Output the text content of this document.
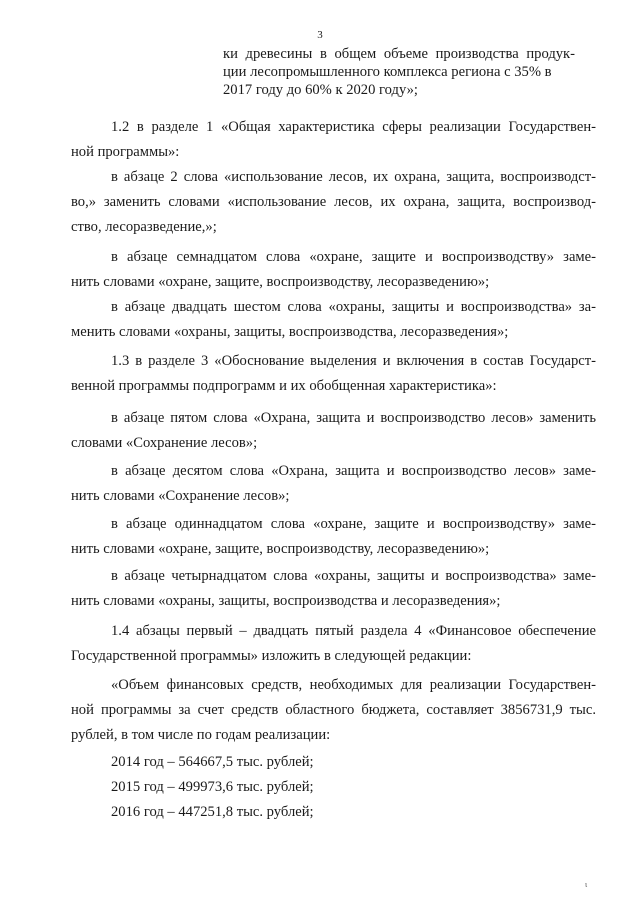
3
ки древесины в общем объеме производства продук-
ции лесопромышленного комплекса региона с 35% в
2017 году до 60% к 2020 году»;
1.2 в разделе 1 «Общая характеристика сферы реализации Государствен-
ной программы»:
в абзаце 2 слова «использование лесов, их охрана, защита, воспроизводст-
во,» заменить словами «использование лесов, их охрана, защита, воспроизвод-
ство, лесоразведение,»;
в абзаце семнадцатом слова «охране, защите и воспроизводству» заме-
нить словами «охране, защите, воспроизводству, лесоразведению»;
в абзаце двадцать шестом слова «охраны, защиты и воспроизводства» за-
менить словами «охраны, защиты, воспроизводства, лесоразведения»;
1.3 в разделе 3 «Обоснование выделения и включения в состав Государст-
венной программы подпрограмм и их обобщенная характеристика»:
в абзаце пятом слова «Охрана, защита и воспроизводство лесов» заменить
словами «Сохранение лесов»;
в абзаце десятом слова «Охрана, защита и воспроизводство лесов» заме-
нить словами «Сохранение лесов»;
в абзаце одиннадцатом слова «охране, защите и воспроизводству» заме-
нить словами «охране, защите, воспроизводству, лесоразведению»;
в абзаце четырнадцатом слова «охраны, защиты и воспроизводства» заме-
нить словами «охраны, защиты, воспроизводства и лесоразведения»;
1.4 абзацы первый – двадцать пятый раздела 4 «Финансовое обеспечение
Государственной программы» изложить в следующей редакции:
«Объем финансовых средств, необходимых для реализации Государствен-
ной программы за счет средств областного бюджета, составляет 3856731,9 тыс.
рублей, в том числе по годам реализации:
2014 год – 564667,5 тыс. рублей;
2015 год – 499973,6 тыс. рублей;
2016 год – 447251,8 тыс. рублей;
ι
